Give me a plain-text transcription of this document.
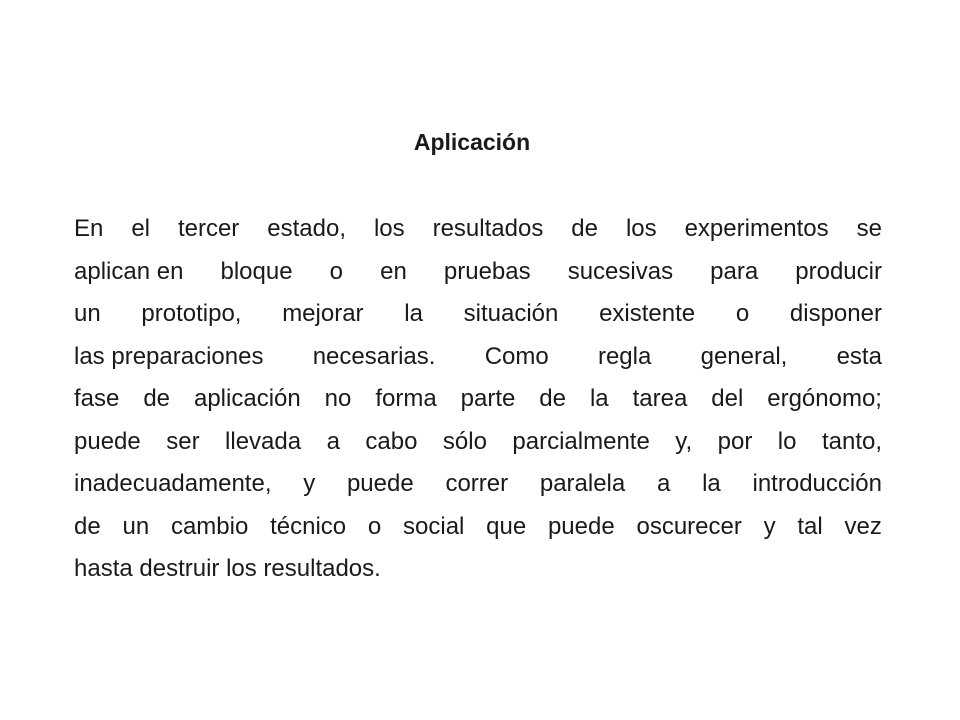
Aplicación
En el tercer estado, los resultados de los experimentos se
aplican en bloque o en pruebas sucesivas para producir
un prototipo, mejorar la situación existente o disponer
las preparaciones necesarias. Como regla general, esta
fase de aplicación no forma parte de la tarea del ergónomo;
puede ser llevada a cabo sólo parcialmente y, por lo tanto,
inadecuadamente, y puede correr paralela a la introducción
de un cambio técnico o social que puede oscurecer y tal vez
hasta destruir los resultados.
